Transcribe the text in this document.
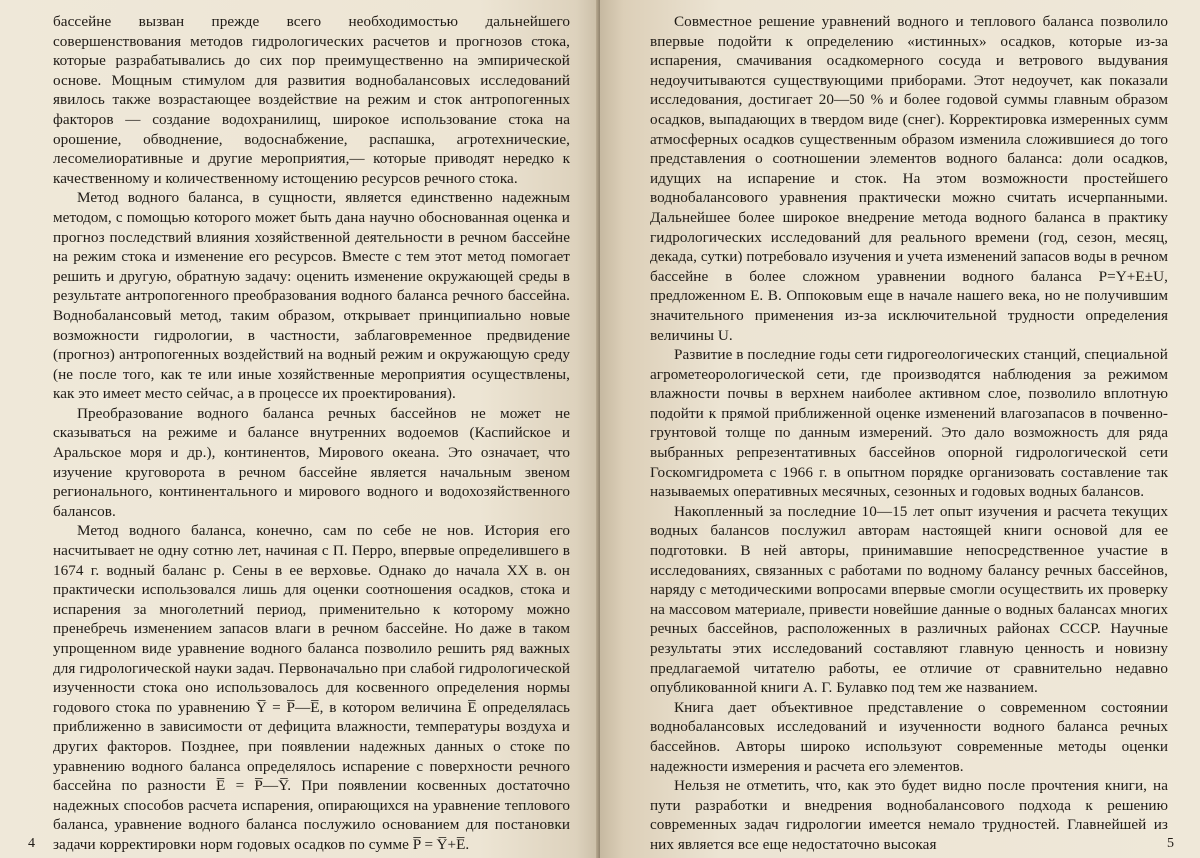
бассейне вызван прежде всего необходимостью дальнейшего совершенствования методов гидрологических расчетов и прогнозов стока, которые разрабатывались до сих пор преимущественно на эмпирической основе. Мощным стимулом для развития воднобалансовых исследований явилось также возрастающее воздействие на режим и сток антропогенных факторов — создание водохранилищ, широкое использование стока на орошение, обводнение, водоснабжение, распашка, агротехнические, лесомелиоративные и другие мероприятия,— которые приводят нередко к качественному и количественному истощению ресурсов речного стока.

Метод водного баланса, в сущности, является единственно надежным методом, с помощью которого может быть дана научно обоснованная оценка и прогноз последствий влияния хозяйственной деятельности в речном бассейне на режим стока и изменение его ресурсов. Вместе с тем этот метод помогает решить и другую, обратную задачу: оценить изменение окружающей среды в результате антропогенного преобразования водного баланса речного бассейна. Воднобалансовый метод, таким образом, открывает принципиально новые возможности гидрологии, в частности, заблаговременное предвидение (прогноз) антропогенных воздействий на водный режим и окружающую среду (не после того, как те или иные хозяйственные мероприятия осуществлены, как это имеет место сейчас, а в процессе их проектирования).

Преобразование водного баланса речных бассейнов не может не сказываться на режиме и балансе внутренних водоемов (Каспийское и Аральское моря и др.), континентов, Мирового океана. Это означает, что изучение круговорота в речном бассейне является начальным звеном регионального, континентального и мирового водного и водохозяйственного балансов.

Метод водного баланса, конечно, сам по себе не нов. История его насчитывает не одну сотню лет, начиная с П. Перро, впервые определившего в 1674 г. водный баланс р. Сены в ее верховье. Однако до начала XX в. он практически использовался лишь для оценки соотношения осадков, стока и испарения за многолетний период, применительно к которому можно пренебречь изменением запасов влаги в речном бассейне. Но даже в таком упрощенном виде уравнение водного баланса позволило решить ряд важных для гидрологической науки задач. Первоначально при слабой гидрологической изученности стока оно использовалось для косвенного определения нормы годового стока по уравнению Y̅ = P̅—E̅, в котором величина E̅ определялась приближенно в зависимости от дефицита влажности, температуры воздуха и других факторов. Позднее, при появлении надежных данных о стоке по уравнению водного баланса определялось испарение с поверхности речного бассейна по разности E̅ = P̅—Y̅. При появлении косвенных достаточно надежных способов расчета испарения, опирающихся на уравнение теплового баланса, уравнение водного баланса послужило основанием для постановки задачи корректировки норм годовых осадков по сумме P̅ = Y̅+E̅.

4

Совместное решение уравнений водного и теплового баланса позволило впервые подойти к определению «истинных» осадков, которые из-за испарения, смачивания осадкомерного сосуда и ветрового выдувания недоучитываются существующими приборами. Этот недоучет, как показали исследования, достигает 20—50 % и более годовой суммы главным образом осадков, выпадающих в твердом виде (снег). Корректировка измеренных сумм атмосферных осадков существенным образом изменила сложившиеся до того представления о соотношении элементов водного баланса: доли осадков, идущих на испарение и сток. На этом возможности простейшего воднобалансового уравнения практически можно считать исчерпанными. Дальнейшее более широкое внедрение метода водного баланса в практику гидрологических исследований для реального времени (год, сезон, месяц, декада, сутки) потребовало изучения и учета изменений запасов воды в речном бассейне в более сложном уравнении водного баланса P=Y+E±U, предложенном Е. В. Оппоковым еще в начале нашего века, но не получившим значительного применения из-за исключительной трудности определения величины U.

Развитие в последние годы сети гидрогеологических станций, специальной агрометеорологической сети, где производятся наблюдения за режимом влажности почвы в верхнем наиболее активном слое, позволило вплотную подойти к прямой приближенной оценке изменений влагозапасов в почвенно-грунтовой толще по данным измерений. Это дало возможность для ряда выбранных репрезентативных бассейнов опорной гидрологической сети Госкомгидромета с 1966 г. в опытном порядке организовать составление так называемых оперативных месячных, сезонных и годовых водных балансов.

Накопленный за последние 10—15 лет опыт изучения и расчета текущих водных балансов послужил авторам настоящей книги основой для ее подготовки. В ней авторы, принимавшие непосредственное участие в исследованиях, связанных с работами по водному балансу речных бассейнов, наряду с методическими вопросами впервые смогли осуществить их проверку на массовом материале, привести новейшие данные о водных балансах многих речных бассейнов, расположенных в различных районах СССР. Научные результаты этих исследований составляют главную ценность и новизну предлагаемой читателю работы, ее отличие от сравнительно недавно опубликованной книги А. Г. Булавко под тем же названием.

Книга дает объективное представление о современном состоянии воднобалансовых исследований и изученности водного баланса речных бассейнов. Авторы широко используют современные методы оценки надежности измерения и расчета его элементов.

Нельзя не отметить, что, как это будет видно после прочтения книги, на пути разработки и внедрения воднобалансового подхода к решению современных задач гидрологии имеется немало трудностей. Главнейшей из них является все еще недостаточно высокая	5
